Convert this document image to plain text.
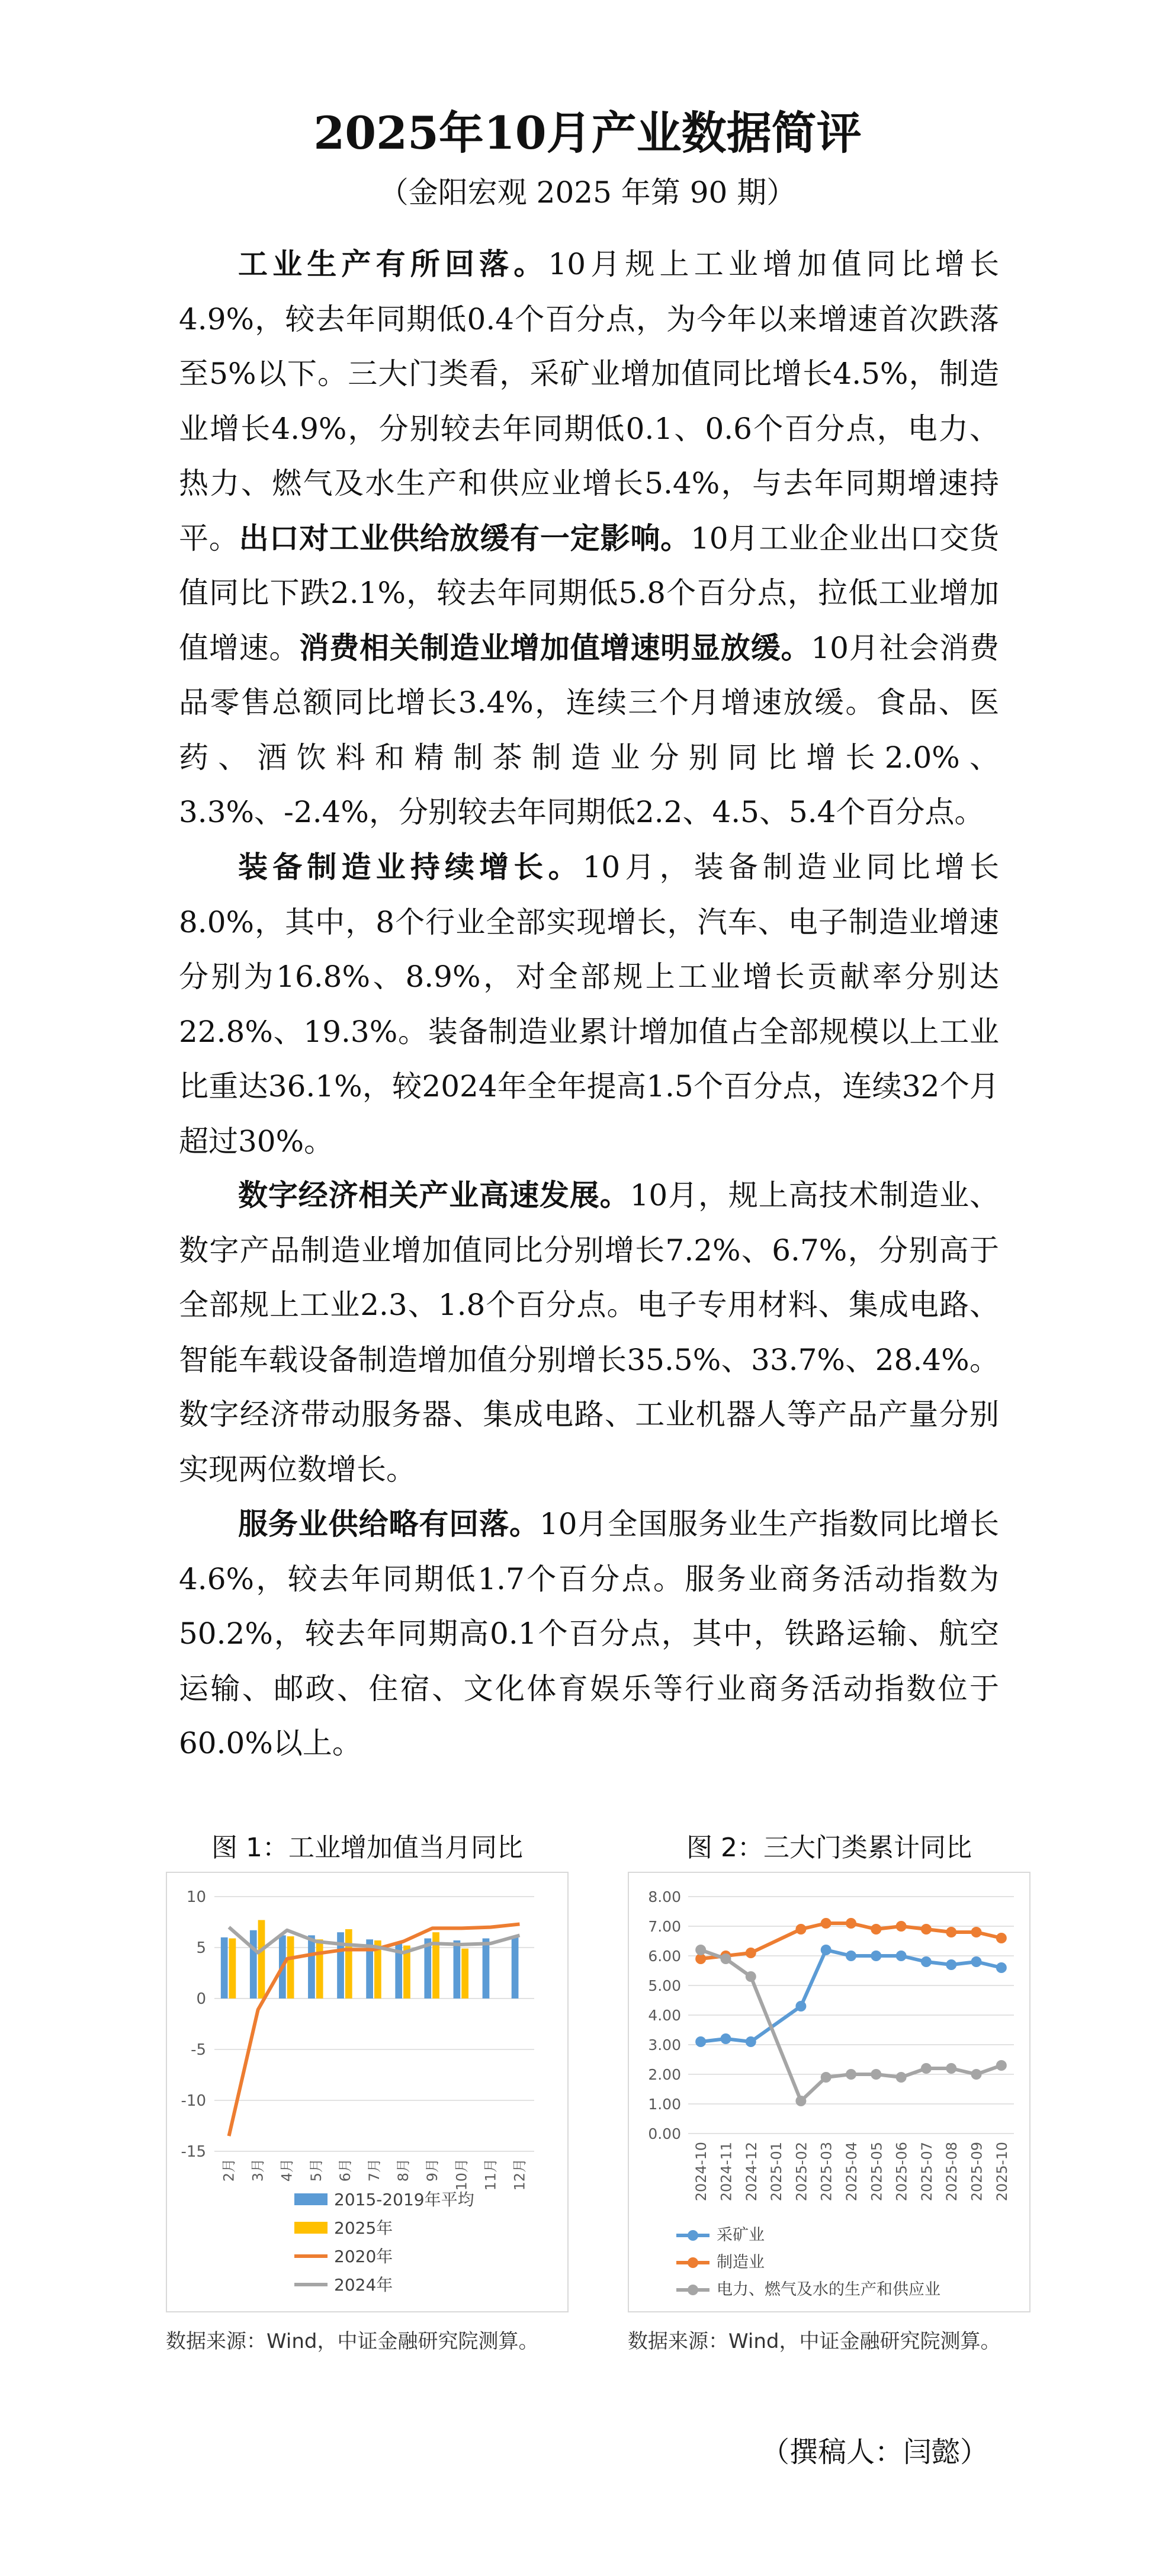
2025年10月产业数据简评
（金阳宏观 2025 年第 90 期）

工业生产有所回落。10月规上工业增加值同比增长4.9%，较去年同期低0.4个百分点，为今年以来增速首次跌落至5%以下。三大门类看，采矿业增加值同比增长4.5%，制造业增长4.9%，分别较去年同期低0.1、0.6个百分点，电力、热力、燃气及水生产和供应业增长5.4%，与去年同期增速持平。出口对工业供给放缓有一定影响。10月工业企业出口交货值同比下跌2.1%，较去年同期低5.8个百分点，拉低工业增加值增速。消费相关制造业增加值增速明显放缓。10月社会消费品零售总额同比增长3.4%，连续三个月增速放缓。食品、医药、酒饮料和精制茶制造业分别同比增长2.0%、3.3%、-2.4%，分别较去年同期低2.2、4.5、5.4个百分点。

装备制造业持续增长。10月，装备制造业同比增长8.0%，其中，8个行业全部实现增长，汽车、电子制造业增速分别为16.8%、8.9%，对全部规上工业增长贡献率分别达22.8%、19.3%。装备制造业累计增加值占全部规模以上工业比重达36.1%，较2024年全年提高1.5个百分点，连续32个月超过30%。

数字经济相关产业高速发展。10月，规上高技术制造业、数字产品制造业增加值同比分别增长7.2%、6.7%，分别高于全部规上工业2.3、1.8个百分点。电子专用材料、集成电路、智能车载设备制造增加值分别增长35.5%、33.7%、28.4%。数字经济带动服务器、集成电路、工业机器人等产品产量分别实现两位数增长。

服务业供给略有回落。10月全国服务业生产指数同比增长4.6%，较去年同期低1.7个百分点。服务业商务活动指数为50.2%，较去年同期高0.1个百分点，其中，铁路运输、航空运输、邮政、住宿、文化体育娱乐等行业商务活动指数位于60.0%以上。

图 1：工业增加值当月同比
10
5
0
-5
-10
-15
2月 3月 4月 5月 6月 7月 8月 9月 10月 11月 12月
2015-2019年平均
2025年
2020年
2024年
数据来源：Wind，中证金融研究院测算。
图 2：三大门类累计同比
8.00
7.00
6.00
5.00
4.00
3.00
2.00
1.00
0.00
2024-10 2024-11 2024-12 2025-01 2025-02 2025-03 2025-04 2025-05 2025-06 2025-07 2025-08 2025-09 2025-10
采矿业
制造业
电力、燃气及水的生产和供应业
数据来源：Wind，中证金融研究院测算。
（撰稿人：闫懿）
